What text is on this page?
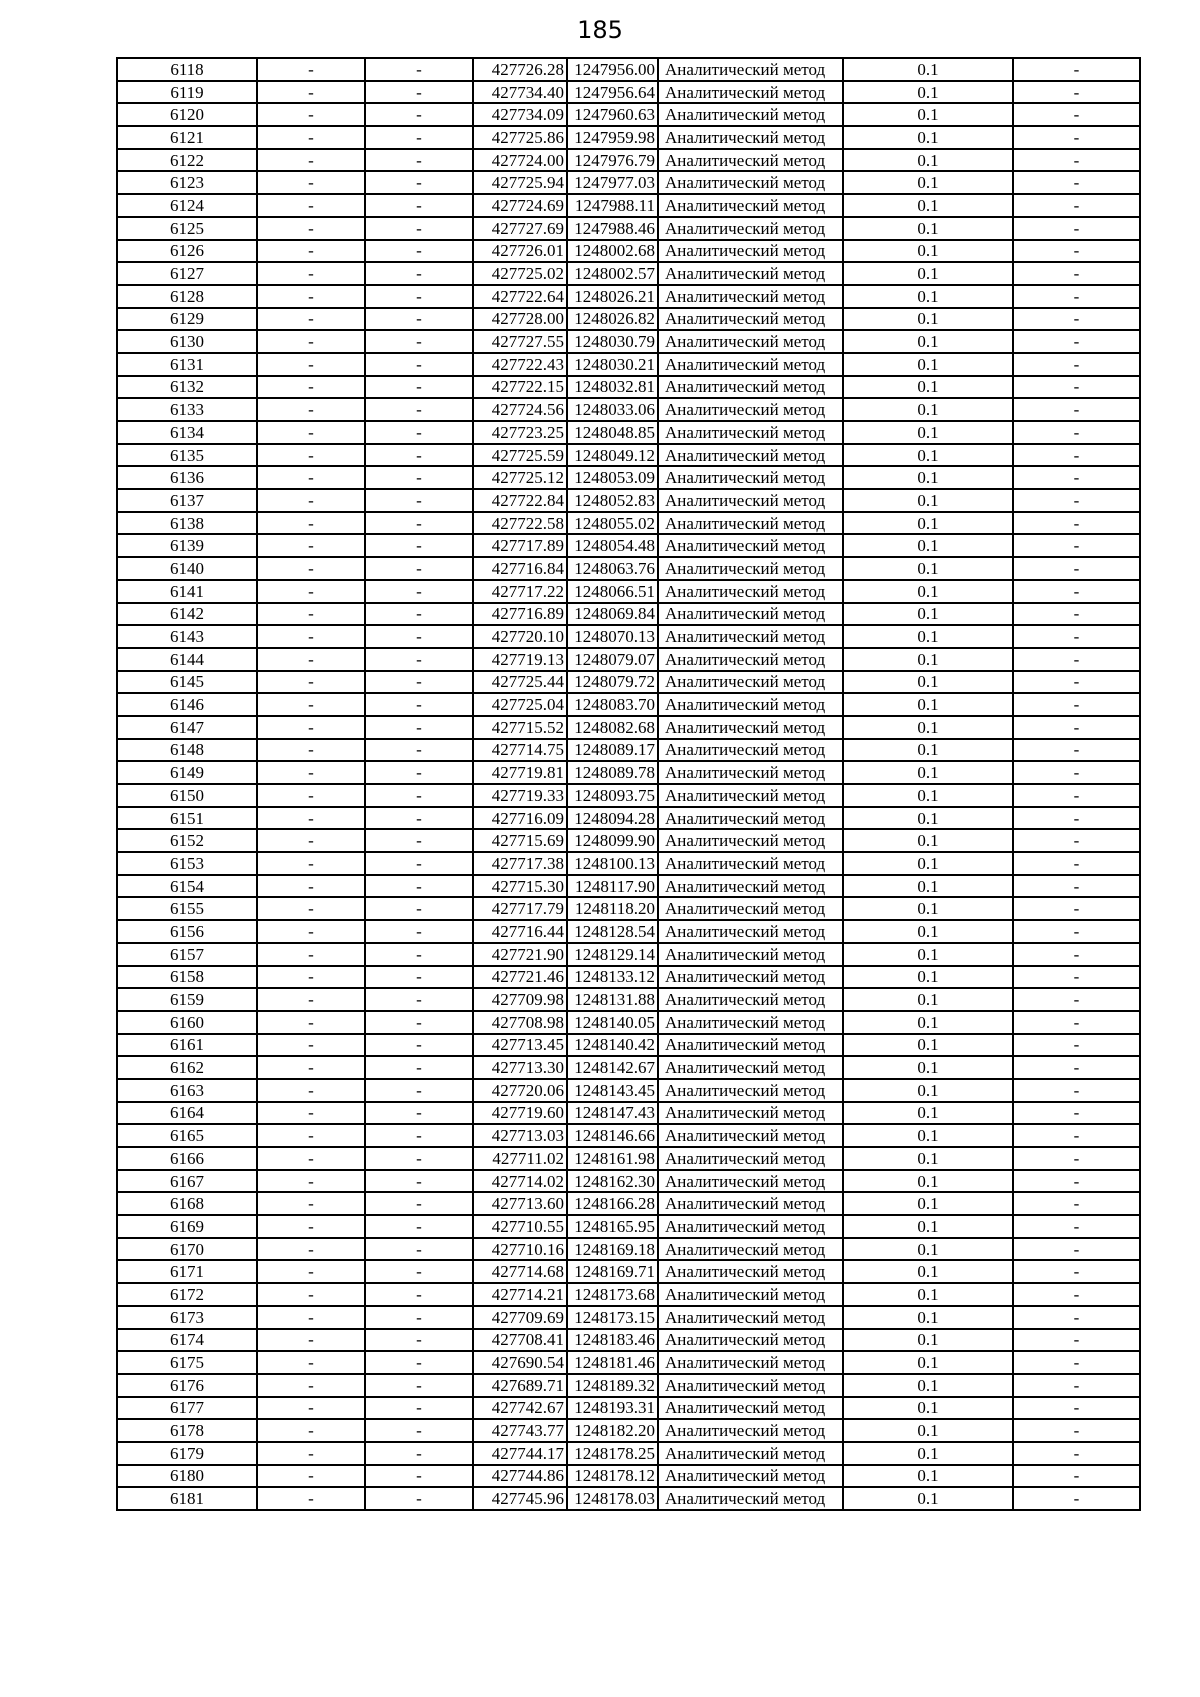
185
6118	-	-	427726.28	1247956.00	Аналитический метод	0.1	-
6119	-	-	427734.40	1247956.64	Аналитический метод	0.1	-
6120	-	-	427734.09	1247960.63	Аналитический метод	0.1	-
6121	-	-	427725.86	1247959.98	Аналитический метод	0.1	-
6122	-	-	427724.00	1247976.79	Аналитический метод	0.1	-
6123	-	-	427725.94	1247977.03	Аналитический метод	0.1	-
6124	-	-	427724.69	1247988.11	Аналитический метод	0.1	-
6125	-	-	427727.69	1247988.46	Аналитический метод	0.1	-
6126	-	-	427726.01	1248002.68	Аналитический метод	0.1	-
6127	-	-	427725.02	1248002.57	Аналитический метод	0.1	-
6128	-	-	427722.64	1248026.21	Аналитический метод	0.1	-
6129	-	-	427728.00	1248026.82	Аналитический метод	0.1	-
6130	-	-	427727.55	1248030.79	Аналитический метод	0.1	-
6131	-	-	427722.43	1248030.21	Аналитический метод	0.1	-
6132	-	-	427722.15	1248032.81	Аналитический метод	0.1	-
6133	-	-	427724.56	1248033.06	Аналитический метод	0.1	-
6134	-	-	427723.25	1248048.85	Аналитический метод	0.1	-
6135	-	-	427725.59	1248049.12	Аналитический метод	0.1	-
6136	-	-	427725.12	1248053.09	Аналитический метод	0.1	-
6137	-	-	427722.84	1248052.83	Аналитический метод	0.1	-
6138	-	-	427722.58	1248055.02	Аналитический метод	0.1	-
6139	-	-	427717.89	1248054.48	Аналитический метод	0.1	-
6140	-	-	427716.84	1248063.76	Аналитический метод	0.1	-
6141	-	-	427717.22	1248066.51	Аналитический метод	0.1	-
6142	-	-	427716.89	1248069.84	Аналитический метод	0.1	-
6143	-	-	427720.10	1248070.13	Аналитический метод	0.1	-
6144	-	-	427719.13	1248079.07	Аналитический метод	0.1	-
6145	-	-	427725.44	1248079.72	Аналитический метод	0.1	-
6146	-	-	427725.04	1248083.70	Аналитический метод	0.1	-
6147	-	-	427715.52	1248082.68	Аналитический метод	0.1	-
6148	-	-	427714.75	1248089.17	Аналитический метод	0.1	-
6149	-	-	427719.81	1248089.78	Аналитический метод	0.1	-
6150	-	-	427719.33	1248093.75	Аналитический метод	0.1	-
6151	-	-	427716.09	1248094.28	Аналитический метод	0.1	-
6152	-	-	427715.69	1248099.90	Аналитический метод	0.1	-
6153	-	-	427717.38	1248100.13	Аналитический метод	0.1	-
6154	-	-	427715.30	1248117.90	Аналитический метод	0.1	-
6155	-	-	427717.79	1248118.20	Аналитический метод	0.1	-
6156	-	-	427716.44	1248128.54	Аналитический метод	0.1	-
6157	-	-	427721.90	1248129.14	Аналитический метод	0.1	-
6158	-	-	427721.46	1248133.12	Аналитический метод	0.1	-
6159	-	-	427709.98	1248131.88	Аналитический метод	0.1	-
6160	-	-	427708.98	1248140.05	Аналитический метод	0.1	-
6161	-	-	427713.45	1248140.42	Аналитический метод	0.1	-
6162	-	-	427713.30	1248142.67	Аналитический метод	0.1	-
6163	-	-	427720.06	1248143.45	Аналитический метод	0.1	-
6164	-	-	427719.60	1248147.43	Аналитический метод	0.1	-
6165	-	-	427713.03	1248146.66	Аналитический метод	0.1	-
6166	-	-	427711.02	1248161.98	Аналитический метод	0.1	-
6167	-	-	427714.02	1248162.30	Аналитический метод	0.1	-
6168	-	-	427713.60	1248166.28	Аналитический метод	0.1	-
6169	-	-	427710.55	1248165.95	Аналитический метод	0.1	-
6170	-	-	427710.16	1248169.18	Аналитический метод	0.1	-
6171	-	-	427714.68	1248169.71	Аналитический метод	0.1	-
6172	-	-	427714.21	1248173.68	Аналитический метод	0.1	-
6173	-	-	427709.69	1248173.15	Аналитический метод	0.1	-
6174	-	-	427708.41	1248183.46	Аналитический метод	0.1	-
6175	-	-	427690.54	1248181.46	Аналитический метод	0.1	-
6176	-	-	427689.71	1248189.32	Аналитический метод	0.1	-
6177	-	-	427742.67	1248193.31	Аналитический метод	0.1	-
6178	-	-	427743.77	1248182.20	Аналитический метод	0.1	-
6179	-	-	427744.17	1248178.25	Аналитический метод	0.1	-
6180	-	-	427744.86	1248178.12	Аналитический метод	0.1	-
6181	-	-	427745.96	1248178.03	Аналитический метод	0.1	-
